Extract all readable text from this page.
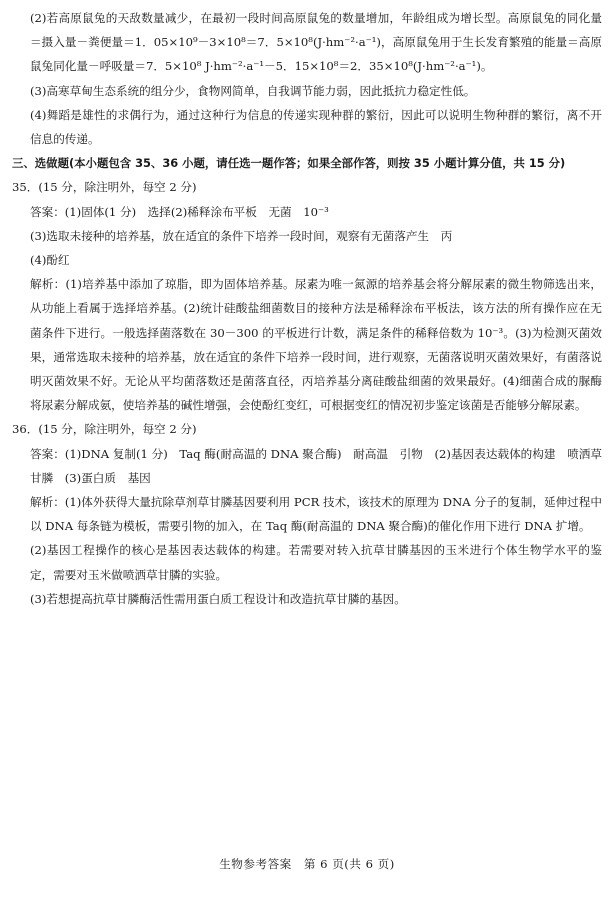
(2)若高原鼠兔的天敌数量减少，在最初一段时间高原鼠兔的数量增加，年龄组成为增长型。高原鼠兔的同化量＝摄入量－粪便量＝1．05×10⁹－3×10⁸＝7．5×10⁸(J·hm⁻²·a⁻¹)，高原鼠兔用于生长发育繁殖的能量＝高原鼠兔同化量－呼吸量＝7．5×10⁸ J·hm⁻²·a⁻¹－5．15×10⁸＝2．35×10⁸(J·hm⁻²·a⁻¹)。

(3)高寒草甸生态系统的组分少，食物网简单，自我调节能力弱，因此抵抗力稳定性低。

(4)舞蹈是雄性的求偶行为，通过这种行为信息的传递实现种群的繁衍，因此可以说明生物种群的繁衍，离不开信息的传递。

三、选做题(本小题包含 35、36 小题，请任选一题作答；如果全部作答，则按 35 小题计算分值，共 15 分)

35．(15 分，除注明外，每空 2 分)

答案：(1)固体(1 分)　选择(2)稀释涂布平板　无菌　10⁻³

(3)选取未接种的培养基，放在适宜的条件下培养一段时间，观察有无菌落产生　丙

(4)酚红

解析：(1)培养基中添加了琼脂，即为固体培养基。尿素为唯一氮源的培养基会将分解尿素的微生物筛选出来，从功能上看属于选择培养基。(2)统计硅酸盐细菌数目的接种方法是稀释涂布平板法，该方法的所有操作应在无菌条件下进行。一般选择菌落数在 30－300 的平板进行计数，满足条件的稀释倍数为 10⁻³。(3)为检测灭菌效果，通常选取未接种的培养基，放在适宜的条件下培养一段时间，进行观察，无菌落说明灭菌效果好，有菌落说明灭菌效果不好。无论从平均菌落数还是菌落直径，丙培养基分离硅酸盐细菌的效果最好。(4)细菌合成的脲酶将尿素分解成氨，使培养基的碱性增强，会使酚红变红，可根据变红的情况初步鉴定该菌是否能够分解尿素。

36．(15 分，除注明外，每空 2 分)

答案：(1)DNA 复制(1 分)　Taq 酶(耐高温的 DNA 聚合酶)　耐高温　引物　(2)基因表达载体的构建　喷洒草甘膦　(3)蛋白质　基因

解析：(1)体外获得大量抗除草剂草甘膦基因要利用 PCR 技术，该技术的原理为 DNA 分子的复制，延伸过程中以 DNA 每条链为模板，需要引物的加入，在 Taq 酶(耐高温的 DNA 聚合酶)的催化作用下进行 DNA 扩增。

(2)基因工程操作的核心是基因表达载体的构建。若需要对转入抗草甘膦基因的玉米进行个体生物学水平的鉴定，需要对玉米做喷洒草甘膦的实验。

(3)若想提高抗草甘膦酶活性需用蛋白质工程设计和改造抗草甘膦的基因。

生物参考答案　第 6 页(共 6 页)
